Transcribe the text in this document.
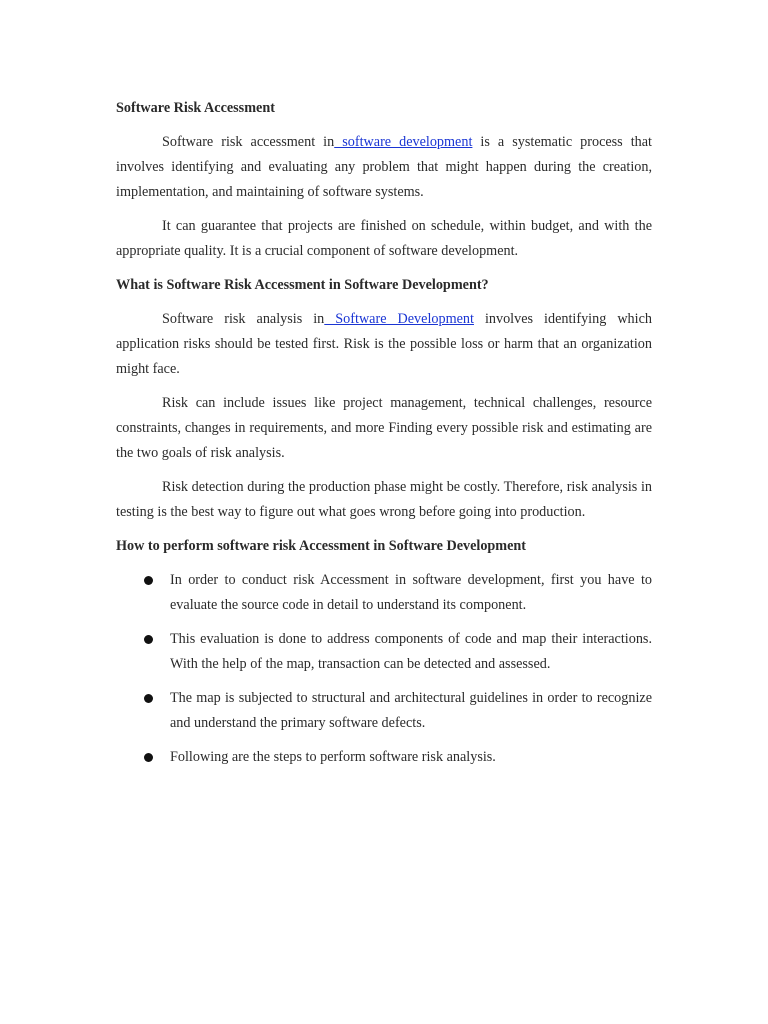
Software Risk Accessment

Software risk accessment in software development is a systematic process that involves identifying and evaluating any problem that might happen during the creation, implementation, and maintaining of software systems.

It can guarantee that projects are finished on schedule, within budget, and with the appropriate quality. It is a crucial component of software development.

What is Software Risk Accessment in Software Development?

Software risk analysis in Software Development involves identifying which application risks should be tested first. Risk is the possible loss or harm that an organization might face.

Risk can include issues like project management, technical challenges, resource constraints, changes in requirements, and more Finding every possible risk and estimating are the two goals of risk analysis.

Risk detection during the production phase might be costly. Therefore, risk analysis in testing is the best way to figure out what goes wrong before going into production.

How to perform software risk Accessment in Software Development
In order to conduct risk Accessment in software development, first you have to evaluate the source code in detail to understand its component.
This evaluation is done to address components of code and map their interactions. With the help of the map, transaction can be detected and assessed.
The map is subjected to structural and architectural guidelines in order to recognize and understand the primary software defects.
Following are the steps to perform software risk analysis.
